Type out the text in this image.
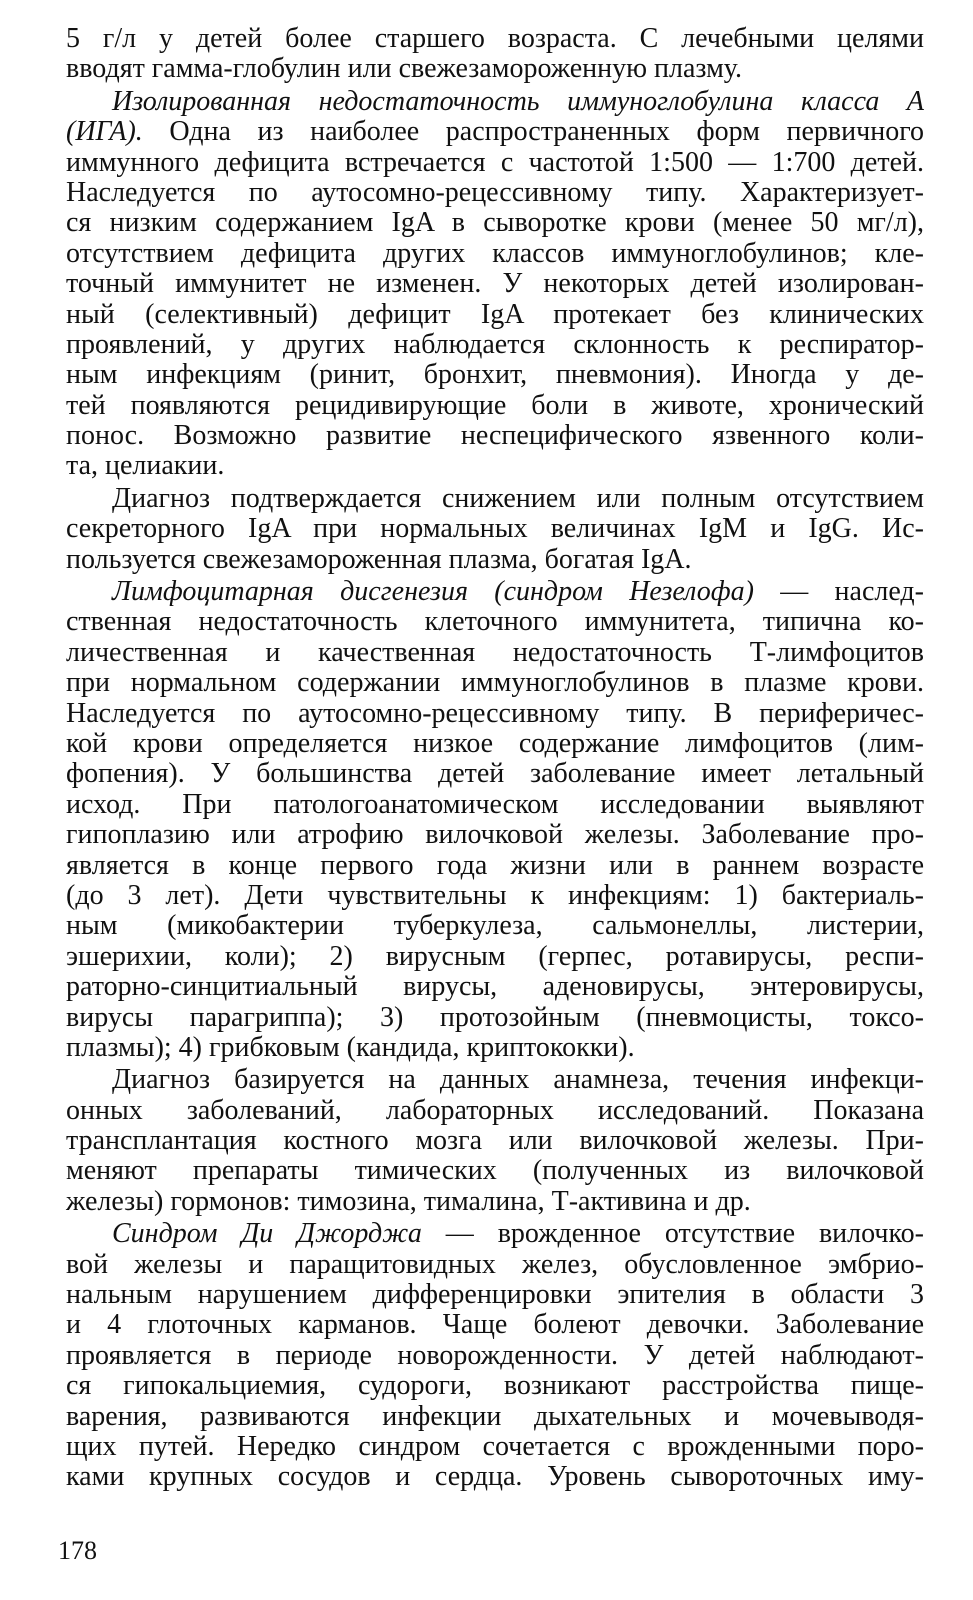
5 г/л у детей более старшего возраста. С лечебными целями
вводят гамма-глобулин или свежезамороженную плазму.
Изолированная недостаточность иммуноглобулина класса А
(ИГА). Одна из наиболее распространенных форм первичного
иммунного дефицита встречается с частотой 1:500 — 1:700 детей.
Наследуется по аутосомно-рецессивному типу. Характеризует-
ся низким содержанием IgA в сыворотке крови (менее 50 мг/л),
отсутствием дефицита других классов иммуноглобулинов; кле-
точный иммунитет не изменен. У некоторых детей изолирован-
ный (селективный) дефицит IgA протекает без клинических
проявлений, у других наблюдается склонность к респиратор-
ным инфекциям (ринит, бронхит, пневмония). Иногда у де-
тей появляются рецидивирующие боли в животе, хронический
понос. Возможно развитие неспецифического язвенного коли-
та, целиакии.
Диагноз подтверждается снижением или полным отсутствием
секреторного IgA при нормальных величинах IgM и IgG. Ис-
пользуется свежезамороженная плазма, богатая IgA.
Лимфоцитарная дисгенезия (синдром Незелофа) — наслед-
ственная недостаточность клеточного иммунитета, типична ко-
личественная и качественная недостаточность Т-лимфоцитов
при нормальном содержании иммуноглобулинов в плазме крови.
Наследуется по аутосомно-рецессивному типу. В периферичес-
кой крови определяется низкое содержание лимфоцитов (лим-
фопения). У большинства детей заболевание имеет летальный
исход. При патологоанатомическом исследовании выявляют
гипоплазию или атрофию вилочковой железы. Заболевание про-
является в конце первого года жизни или в раннем возрасте
(до 3 лет). Дети чувствительны к инфекциям: 1) бактериаль-
ным (микобактерии туберкулеза, сальмонеллы, листерии,
эшерихии, коли); 2) вирусным (герпес, ротавирусы, респи-
раторно-синцитиальный вирусы, аденовирусы, энтеровирусы,
вирусы парагриппа); 3) протозойным (пневмоцисты, токсо-
плазмы); 4) грибковым (кандида, криптококки).
Диагноз базируется на данных анамнеза, течения инфекци-
онных заболеваний, лабораторных исследований. Показана
трансплантация костного мозга или вилочковой железы. При-
меняют препараты тимических (полученных из вилочковой
железы) гормонов: тимозина, тималина, Т-активина и др.
Синдром Ди Джорджа — врожденное отсутствие вилочко-
вой железы и паращитовидных желез, обусловленное эмбрио-
нальным нарушением дифференцировки эпителия в области 3
и 4 глоточных карманов. Чаще болеют девочки. Заболевание
проявляется в периоде новорожденности. У детей наблюдают-
ся гипокальциемия, судороги, возникают расстройства пище-
варения, развиваются инфекции дыхательных и мочевыводя-
щих путей. Нередко синдром сочетается с врожденными поро-
ками крупных сосудов и сердца. Уровень сывороточных иму-
178
